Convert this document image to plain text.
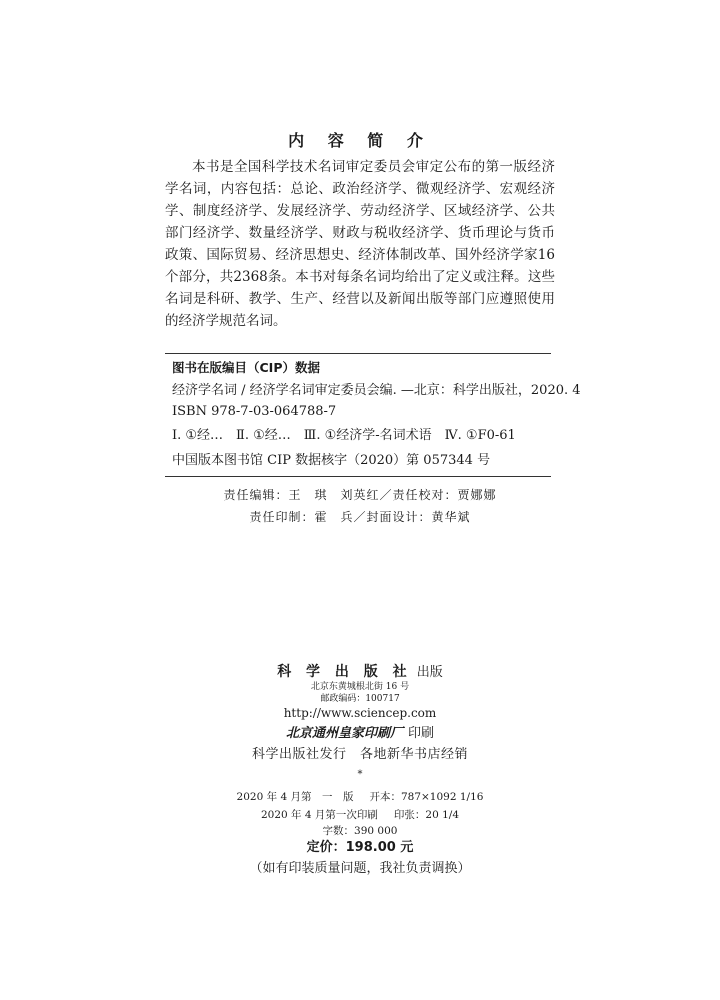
内 容 简 介

本书是全国科学技术名词审定委员会审定公布的第一版经济学名词，内容包括：总论、政治经济学、微观经济学、宏观经济学、制度经济学、发展经济学、劳动经济学、区域经济学、公共部门经济学、数量经济学、财政与税收经济学、货币理论与货币政策、国际贸易、经济思想史、经济体制改革、国外经济学家16个部分，共2368条。本书对每条名词均给出了定义或注释。这些名词是科研、教学、生产、经营以及新闻出版等部门应遵照使用的经济学规范名词。

图书在版编目（CIP）数据

经济学名词 / 经济学名词审定委员会编. —北京：科学出版社，2020. 4

ISBN 978-7-03-064788-7

Ⅰ. ①经…　Ⅱ. ①经…　Ⅲ. ①经济学-名词术语　Ⅳ. ①F0-61

中国版本图书馆 CIP 数据核字（2020）第 057344 号

责任编辑：王　琪　刘英红／责任校对：贾娜娜

责任印制：霍　兵／封面设计：黄华斌

科 学 出 版 社 出版

北京东黄城根北街 16 号

邮政编码：100717

http://www.sciencep.com

北京通州皇家印刷厂 印刷

科学出版社发行　各地新华书店经销

*

2020 年 4 月第　一　版 开本：787×1092 1/16

2020 年 4 月第一次印刷 印张：20 1/4

字数：390 000

定价：198.00 元

（如有印装质量问题，我社负责调换）
